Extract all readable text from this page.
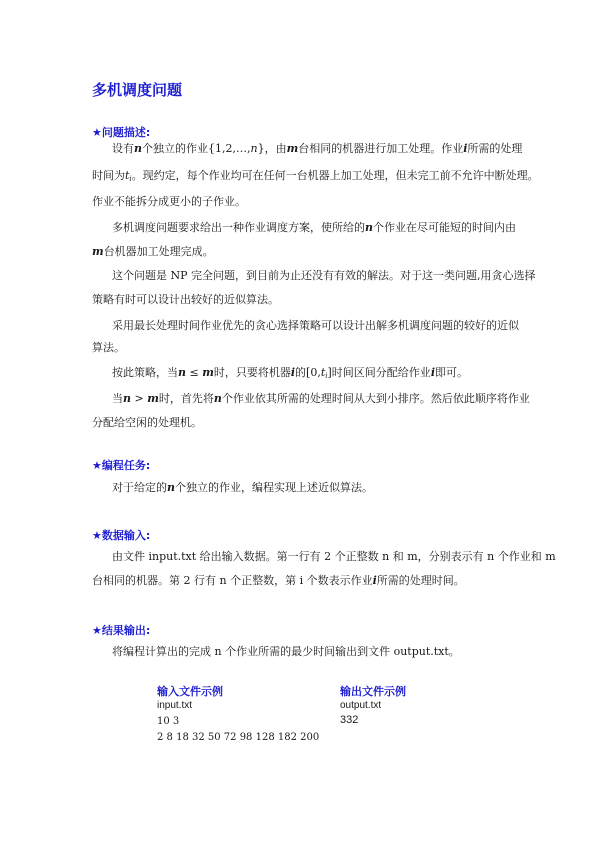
多机调度问题
★问题描述:
设有n个独立的作业{1,2,…,n}，由m台相同的机器进行加工处理。作业i所需的处理
时间为$t_i$。现约定，每个作业均可在任何一台机器上加工处理，但未完工前不允许中断处理。
作业不能拆分成更小的子作业。
多机调度问题要求给出一种作业调度方案，使所给的n个作业在尽可能短的时间内由
m台机器加工处理完成。
这个问题是 NP 完全问题，到目前为止还没有有效的解法。对于这一类问题,用贪心选择
策略有时可以设计出较好的近似算法。
采用最长处理时间作业优先的贪心选择策略可以设计出解多机调度问题的较好的近似
算法。
按此策略，当n ≤ m时，只要将机器i的$[0,t_i]$时间区间分配给作业i即可。
当n > m时，首先将n个作业依其所需的处理时间从大到小排序。然后依此顺序将作业
分配给空闲的处理机。
★编程任务:
对于给定的n个独立的作业，编程实现上述近似算法。
★数据输入:
由文件 input.txt 给出输入数据。第一行有 2 个正整数 n 和 m，分别表示有 n 个作业和 m
台相同的机器。第 2 行有 n 个正整数，第 i 个数表示作业i所需的处理时间。
★结果输出:
将编程计算出的完成 n 个作业所需的最少时间输出到文件 output.txt。
输入文件示例	输出文件示例
input.txt
10 3
2 8 18 32 50 72 98 128 182 200
output.txt
332
